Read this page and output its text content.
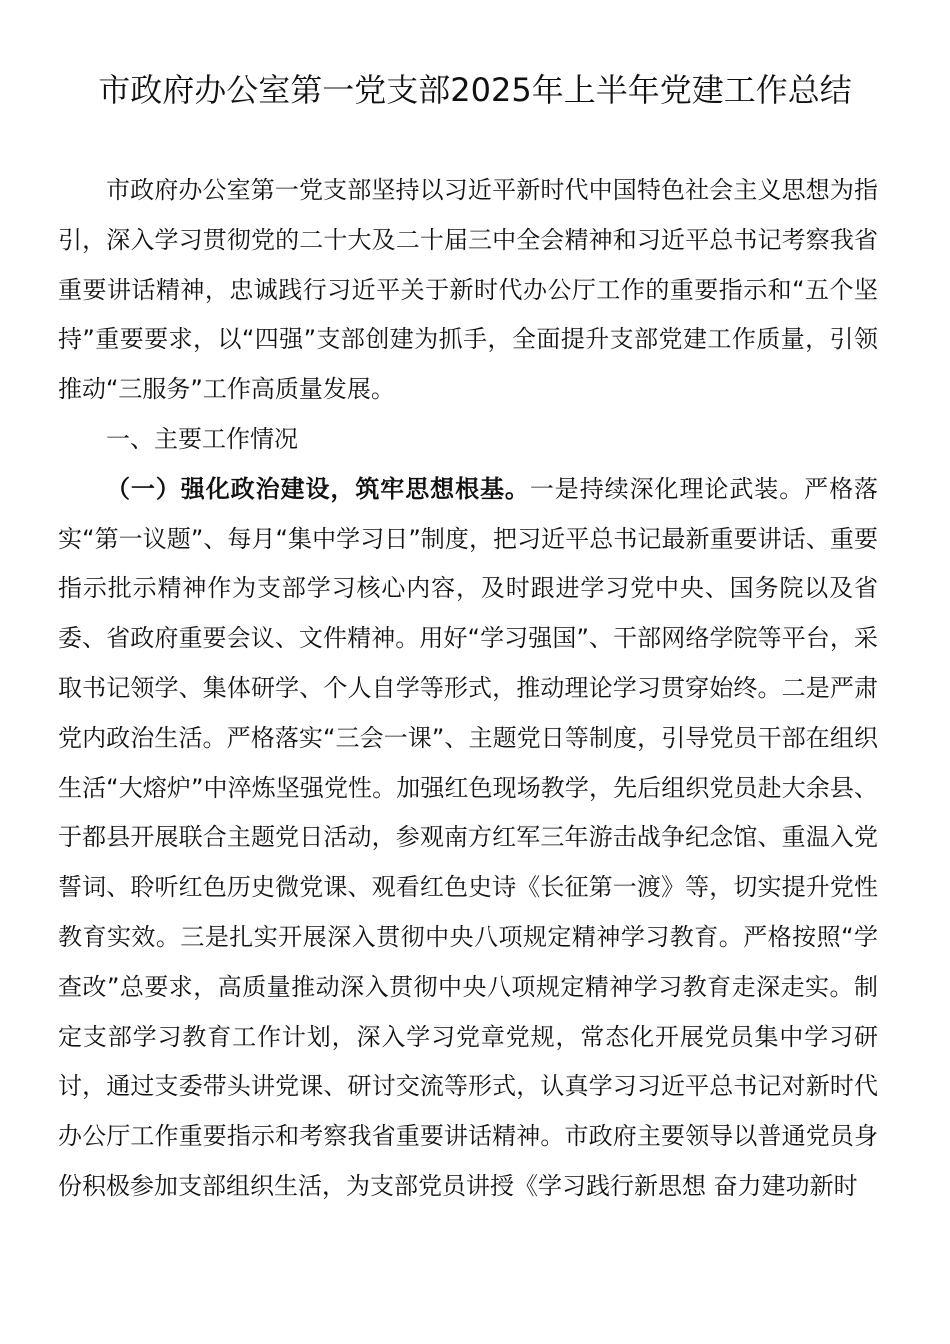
市政府办公室第一党支部2025年上半年党建工作总结

市政府办公室第一党支部坚持以习近平新时代中国特色社会主义思想为指引，深入学习贯彻党的二十大及二十届三中全会精神和习近平总书记考察我省重要讲话精神，忠诚践行习近平关于新时代办公厅工作的重要指示和“五个坚持”重要要求，以“四强”支部创建为抓手，全面提升支部党建工作质量，引领推动“三服务”工作高质量发展。

一、主要工作情况

（一）强化政治建设，筑牢思想根基。一是持续深化理论武装。严格落实“第一议题”、每月“集中学习日”制度，把习近平总书记最新重要讲话、重要指示批示精神作为支部学习核心内容，及时跟进学习党中央、国务院以及省委、省政府重要会议、文件精神。用好“学习强国”、干部网络学院等平台，采取书记领学、集体研学、个人自学等形式，推动理论学习贯穿始终。二是严肃党内政治生活。严格落实“三会一课”、主题党日等制度，引导党员干部在组织生活“大熔炉”中淬炼坚强党性。加强红色现场教学，先后组织党员赴大余县、于都县开展联合主题党日活动，参观南方红军三年游击战争纪念馆、重温入党誓词、聆听红色历史微党课、观看红色史诗《长征第一渡》等，切实提升党性教育实效。三是扎实开展深入贯彻中央八项规定精神学习教育。严格按照“学查改”总要求，高质量推动深入贯彻中央八项规定精神学习教育走深走实。制定支部学习教育工作计划，深入学习党章党规，常态化开展党员集中学习研讨，通过支委带头讲党课、研讨交流等形式，认真学习习近平总书记对新时代办公厅工作重要指示和考察我省重要讲话精神。市政府主要领导以普通党员身份积极参加支部组织生活，为支部党员讲授《学习践行新思想 奋力建功新时
